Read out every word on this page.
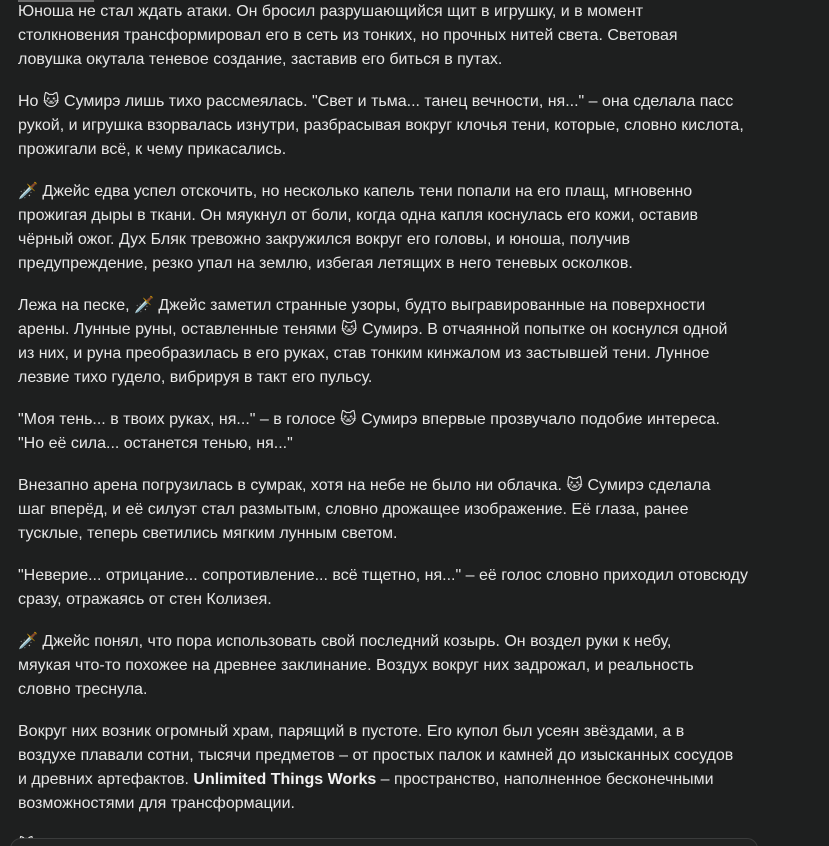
Юноша не стал ждать атаки. Он бросил разрушающийся щит в игрушку, и в момент
столкновения трансформировал его в сеть из тонких, но прочных нитей света. Световая
ловушка окутала теневое создание, заставив его биться в путах.

Но 🐱 Сумирэ лишь тихо рассмеялась. "Свет и тьма... танец вечности, ня..." – она сделала пасс
рукой, и игрушка взорвалась изнутри, разбрасывая вокруг клочья тени, которые, словно кислота,
прожигали всё, к чему прикасались.

🗡️ Джейс едва успел отскочить, но несколько капель тени попали на его плащ, мгновенно
прожигая дыры в ткани. Он мяукнул от боли, когда одна капля коснулась его кожи, оставив
чёрный ожог. Дух Бляк тревожно закружился вокруг его головы, и юноша, получив
предупреждение, резко упал на землю, избегая летящих в него теневых осколков.

Лежа на песке, 🗡️ Джейс заметил странные узоры, будто выгравированные на поверхности
арены. Лунные руны, оставленные тенями 🐱 Сумирэ. В отчаянной попытке он коснулся одной
из них, и руна преобразилась в его руках, став тонким кинжалом из застывшей тени. Лунное
лезвие тихо гудело, вибрируя в такт его пульсу.

"Моя тень... в твоих руках, ня..." – в голосе 🐱 Сумирэ впервые прозвучало подобие интереса.
"Но её сила... останется тенью, ня..."

Внезапно арена погрузилась в сумрак, хотя на небе не было ни облачка. 🐱 Сумирэ сделала
шаг вперёд, и её силуэт стал размытым, словно дрожащее изображение. Её глаза, ранее
тусклые, теперь светились мягким лунным светом.

"Неверие... отрицание... сопротивление... всё тщетно, ня..." – её голос словно приходил отовсюду
сразу, отражаясь от стен Колизея.

🗡️ Джейс понял, что пора использовать свой последний козырь. Он воздел руки к небу,
мяукая что-то похожее на древнее заклинание. Воздух вокруг них задрожал, и реальность
словно треснула.

Вокруг них возник огромный храм, парящий в пустоте. Его купол был усеян звёздами, а в
воздухе плавали сотни, тысячи предметов – от простых палок и камней до изысканных сосудов
и древних артефактов. Unlimited Things Works – пространство, наполненное бесконечными
возможностями для трансформации.
